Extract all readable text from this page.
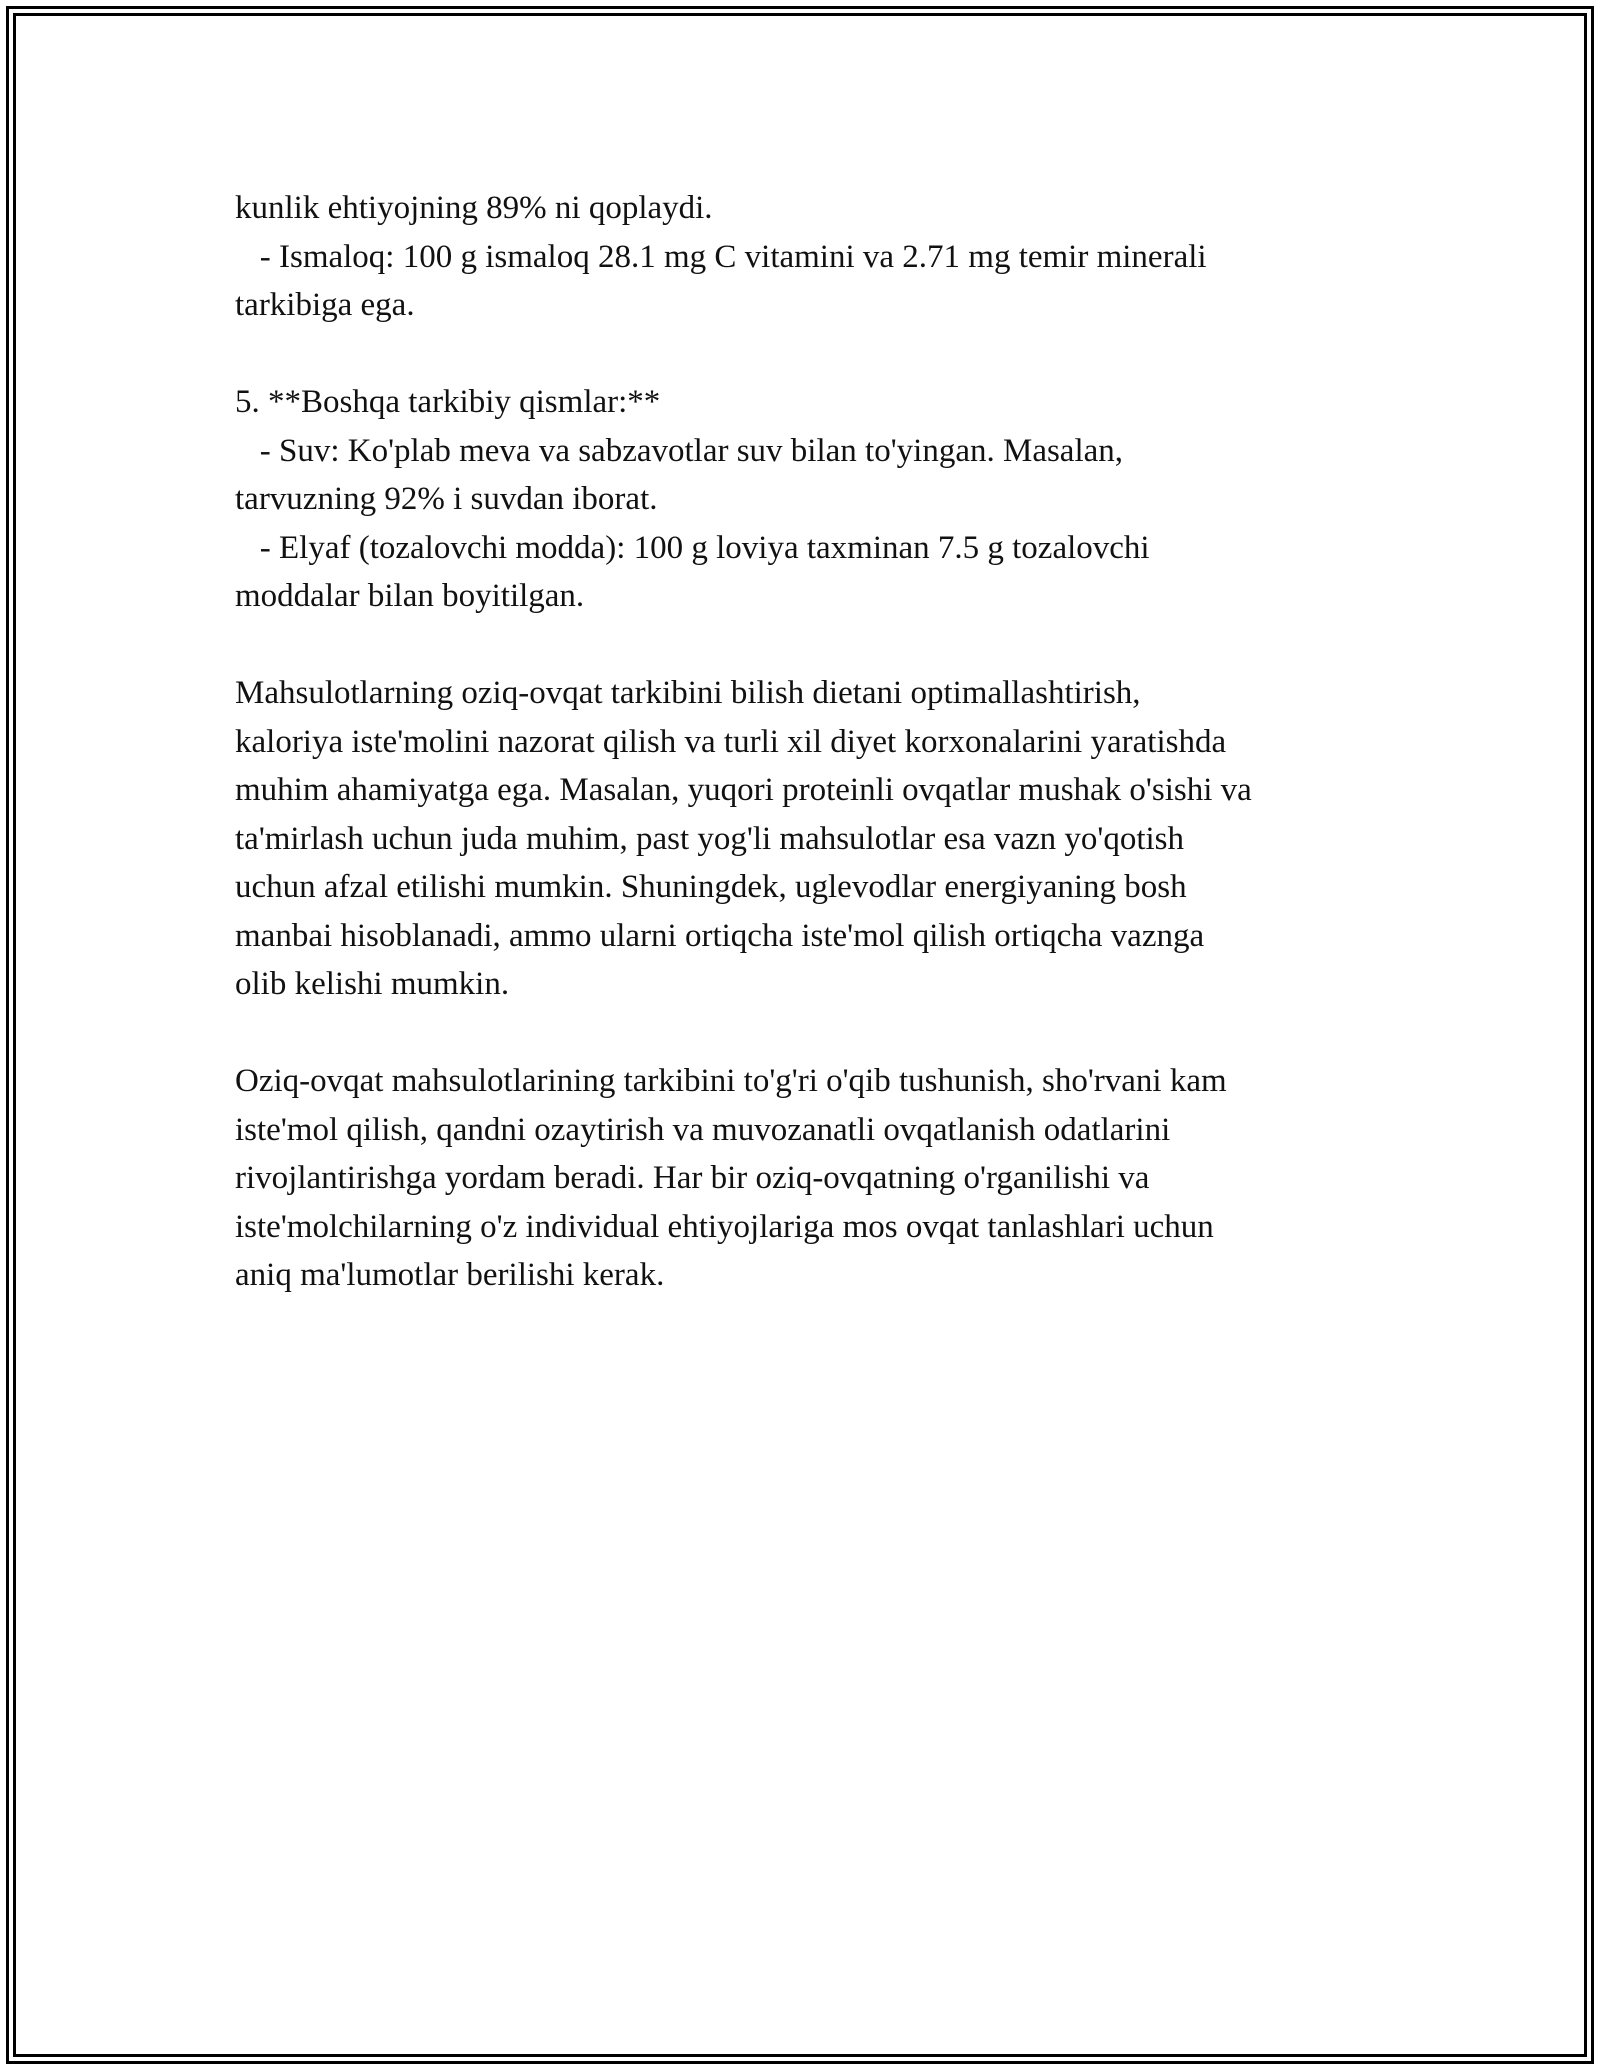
kunlik ehtiyojning 89% ni qoplaydi.
- Ismaloq: 100 g ismaloq 28.1 mg C vitamini va 2.71 mg temir minerali
tarkibiga ega.
5. **Boshqa tarkibiy qismlar:**
- Suv: Ko'plab meva va sabzavotlar suv bilan to'yingan. Masalan,
tarvuzning 92% i suvdan iborat.
- Elyaf (tozalovchi modda): 100 g loviya taxminan 7.5 g tozalovchi
moddalar bilan boyitilgan.
Mahsulotlarning oziq-ovqat tarkibini bilish dietani optimallashtirish,
kaloriya iste'molini nazorat qilish va turli xil diyet korxonalarini yaratishda
muhim ahamiyatga ega. Masalan, yuqori proteinli ovqatlar mushak o'sishi va
ta'mirlash uchun juda muhim, past yog'li mahsulotlar esa vazn yo'qotish
uchun afzal etilishi mumkin. Shuningdek, uglevodlar energiyaning bosh
manbai hisoblanadi, ammo ularni ortiqcha iste'mol qilish ortiqcha vaznga
olib kelishi mumkin.
Oziq-ovqat mahsulotlarining tarkibini to'g'ri o'qib tushunish, sho'rvani kam
iste'mol qilish, qandni ozaytirish va muvozanatli ovqatlanish odatlarini
rivojlantirishga yordam beradi. Har bir oziq-ovqatning o'rganilishi va
iste'molchilarning o'z individual ehtiyojlariga mos ovqat tanlashlari uchun
aniq ma'lumotlar berilishi kerak.
